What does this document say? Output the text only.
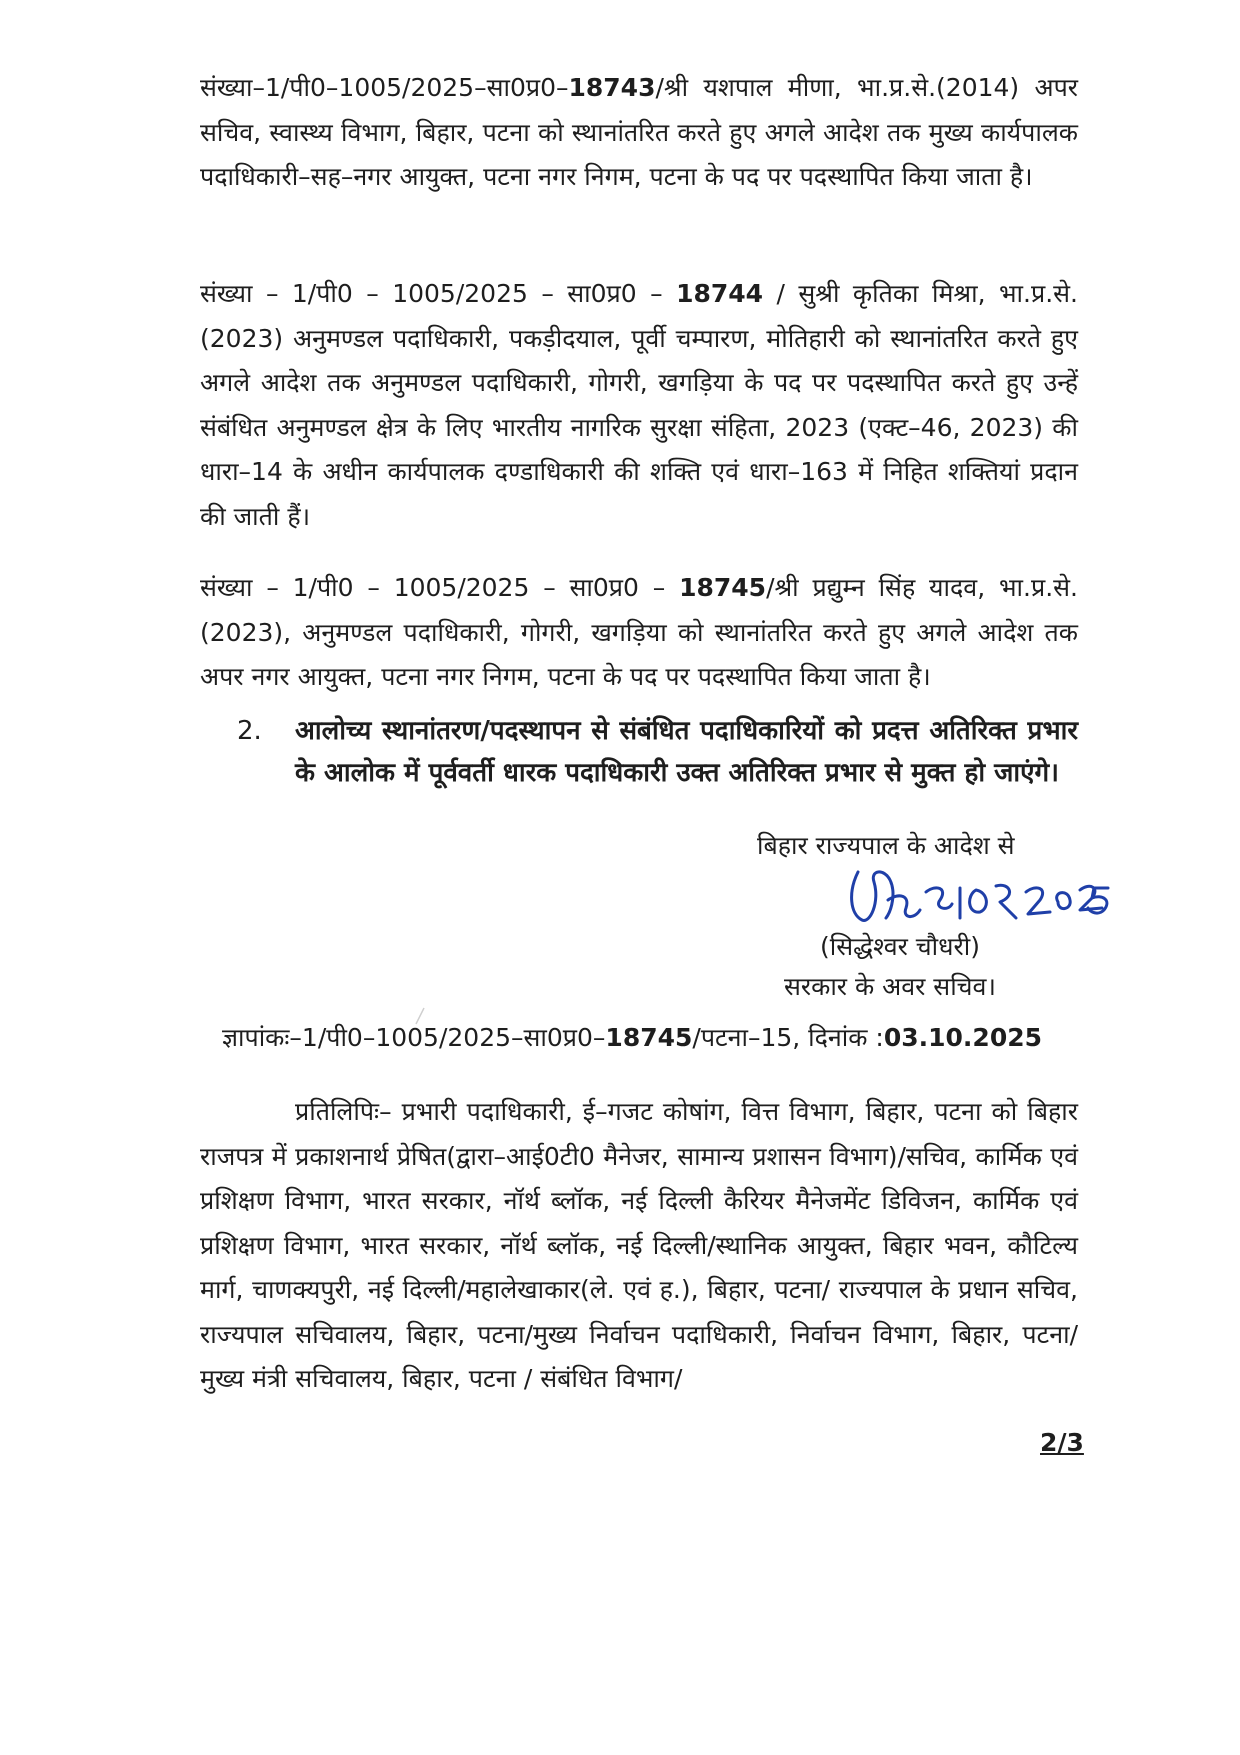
संख्या–1/पी0–1005/2025–सा0प्र0–18743/श्री यशपाल मीणा, भा.प्र.से.(2014) अपर सचिव, स्वास्थ्य विभाग, बिहार, पटना को स्थानांतरित करते हुए अगले आदेश तक मुख्य कार्यपालक पदाधिकारी–सह–नगर आयुक्त, पटना नगर निगम, पटना के पद पर पदस्थापित किया जाता है।

संख्या – 1/पी0 – 1005/2025 – सा0प्र0 – 18744 / सुश्री कृतिका मिश्रा, भा.प्र.से. (2023) अनुमण्डल पदाधिकारी, पकड़ीदयाल, पूर्वी चम्पारण, मोतिहारी को स्थानांतरित करते हुए अगले आदेश तक अनुमण्डल पदाधिकारी, गोगरी, खगड़िया के पद पर पदस्थापित करते हुए उन्हें संबंधित अनुमण्डल क्षेत्र के लिए भारतीय नागरिक सुरक्षा संहिता, 2023 (एक्ट–46, 2023) की धारा–14 के अधीन कार्यपालक दण्डाधिकारी की शक्ति एवं धारा–163 में निहित शक्तियां प्रदान की जाती हैं।

संख्या – 1/पी0 – 1005/2025 – सा0प्र0 – 18745/श्री प्रद्युम्न सिंह यादव, भा.प्र.से.(2023), अनुमण्डल पदाधिकारी, गोगरी, खगड़िया को स्थानांतरित करते हुए अगले आदेश तक अपर नगर आयुक्त, पटना नगर निगम, पटना के पद पर पदस्थापित किया जाता है।

2. आलोच्य स्थानांतरण/पदस्थापन से संबंधित पदाधिकारियों को प्रदत्त अतिरिक्त प्रभार के आलोक में पूर्ववर्ती धारक पदाधिकारी उक्त अतिरिक्त प्रभार से मुक्त हो जाएंगे।

बिहार राज्यपाल के आदेश से
(सिद्धेश्वर चौधरी)
सरकार के अवर सचिव।
ज्ञापांकः–1/पी0–1005/2025–सा0प्र0–18745/पटना–15, दिनांक :03.10.2025

प्रतिलिपिः– प्रभारी पदाधिकारी, ई–गजट कोषांग, वित्त विभाग, बिहार, पटना को बिहार राजपत्र में प्रकाशनार्थ प्रेषित(द्वारा–आई0टी0 मैनेजर, सामान्य प्रशासन विभाग)/सचिव, कार्मिक एवं प्रशिक्षण विभाग, भारत सरकार, नॉर्थ ब्लॉक, नई दिल्ली कैरियर मैनेजमेंट डिविजन, कार्मिक एवं प्रशिक्षण विभाग, भारत सरकार, नॉर्थ ब्लॉक, नई दिल्ली/स्थानिक आयुक्त, बिहार भवन, कौटिल्य मार्ग, चाणक्यपुरी, नई दिल्ली/महालेखाकार(ले. एवं ह.), बिहार, पटना/ राज्यपाल के प्रधान सचिव, राज्यपाल सचिवालय, बिहार, पटना/मुख्य निर्वाचन पदाधिकारी, निर्वाचन विभाग, बिहार, पटना/ मुख्य मंत्री सचिवालय, बिहार, पटना / संबंधित विभाग/

2/3
